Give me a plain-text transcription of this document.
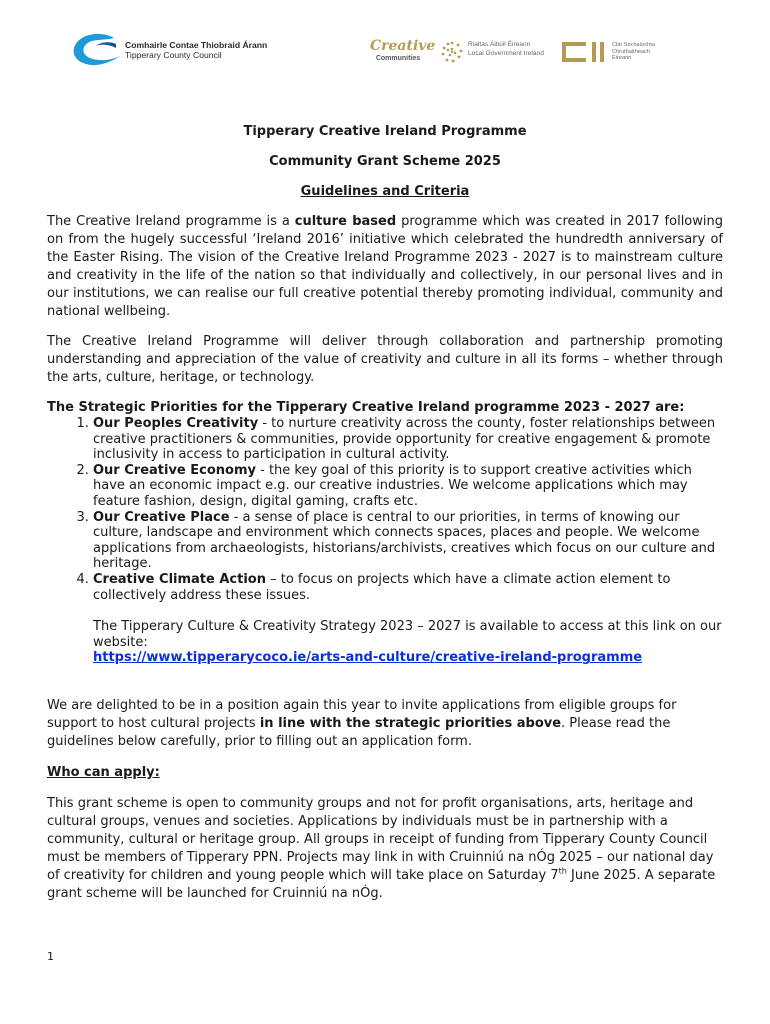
Comhairle Contae Thiobraid Árann
Tipperary County Council
Creative
Communities
Rialtas Áitiúil Éireann
Local Government Ireland
Clár Sochaíochta
Chruthaitheach
Éireann

Tipperary Creative Ireland Programme

Community Grant Scheme 2025

Guidelines and Criteria

The Creative Ireland programme is a culture based programme which was created in 2017 following on from the hugely successful ‘Ireland 2016’ initiative which celebrated the hundredth anniversary of the Easter Rising. The vision of the Creative Ireland Programme 2023 - 2027 is to mainstream culture and creativity in the life of the nation so that individually and collectively, in our personal lives and in our institutions, we can realise our full creative potential thereby promoting individual, community and national wellbeing.

The Creative Ireland Programme will deliver through collaboration and partnership promoting understanding and appreciation of the value of creativity and culture in all its forms – whether through the arts, culture, heritage, or technology.

The Strategic Priorities for the Tipperary Creative Ireland programme 2023 - 2027 are:

1. Our Peoples Creativity - to nurture creativity across the county, foster relationships between creative practitioners & communities, provide opportunity for creative engagement & promote inclusivity in access to participation in cultural activity.
2. Our Creative Economy - the key goal of this priority is to support creative activities which have an economic impact e.g. our creative industries. We welcome applications which may feature fashion, design, digital gaming, crafts etc.
3. Our Creative Place - a sense of place is central to our priorities, in terms of knowing our culture, landscape and environment which connects spaces, places and people. We welcome applications from archaeologists, historians/archivists, creatives which focus on our culture and heritage.
4. Creative Climate Action – to focus on projects which have a climate action element to collectively address these issues.

The Tipperary Culture & Creativity Strategy 2023 – 2027 is available to access at this link on our website:
https://www.tipperarycoco.ie/arts-and-culture/creative-ireland-programme

We are delighted to be in a position again this year to invite applications from eligible groups for support to host cultural projects in line with the strategic priorities above. Please read the guidelines below carefully, prior to filling out an application form.

Who can apply:

This grant scheme is open to community groups and not for profit organisations, arts, heritage and cultural groups, venues and societies. Applications by individuals must be in partnership with a community, cultural or heritage group. All groups in receipt of funding from Tipperary County Council must be members of Tipperary PPN. Projects may link in with Cruinniú na nÓg 2025 – our national day of creativity for children and young people which will take place on Saturday 7th June 2025. A separate grant scheme will be launched for Cruinniú na nÓg.

1
